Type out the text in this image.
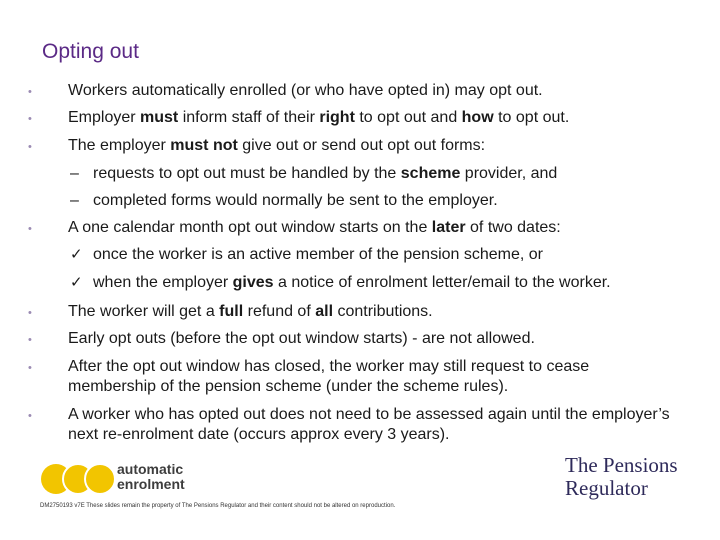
Opting out
•	Workers automatically enrolled (or who have opted in) may opt out.
•	Employer must inform staff of their right to opt out and how to opt out.
•	The employer must not give out or send out opt out forms:
– requests to opt out must be handled by the scheme provider, and
– completed forms would normally be sent to the employer.
•	A one calendar month opt out window starts on the later of two dates:
✓ once the worker is an active member of the pension scheme, or
✓ when the employer gives a notice of enrolment letter/email to the worker.
•	The worker will get a full refund of all contributions.
•	Early opt outs (before the opt out window starts) - are not allowed.
•	After the opt out window has closed, the worker may still request to cease membership of the pension scheme (under the scheme rules).
•	A worker who has opted out does not need to be assessed again until the employer’s next re-enrolment date (occurs approx every 3 years).
automatic
enrolment
The Pensions
Regulator
DM2750193 v7E These slides remain the property of The Pensions Regulator and their content should not be altered on reproduction.
